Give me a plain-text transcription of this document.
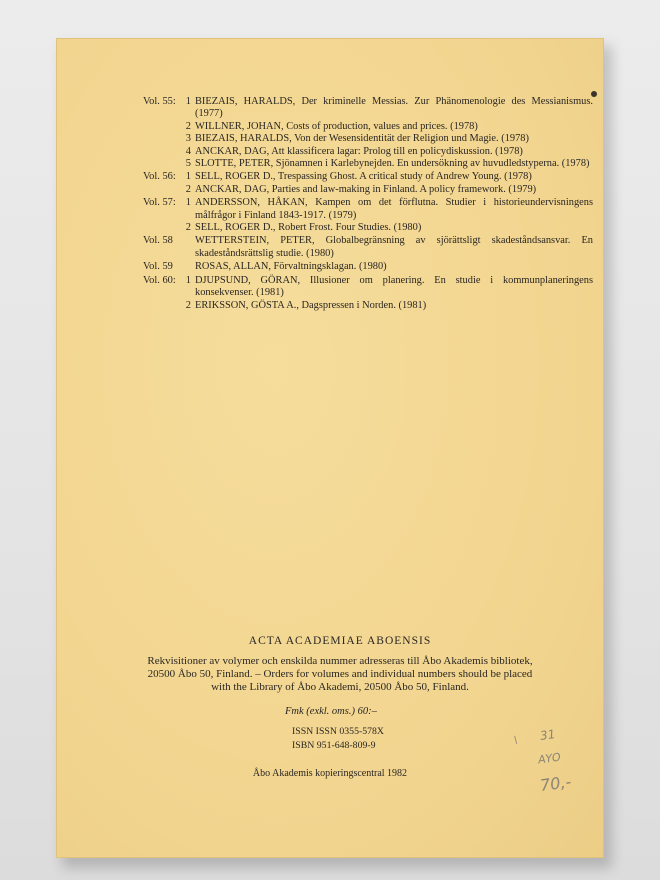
Vol. 55: 1 BIEZAIS, HARALDS, Der kriminelle Messias. Zur Phänomenologie des Messianismus. (1977)
2 WILLNER, JOHAN, Costs of production, values and prices. (1978)
3 BIEZAIS, HARALDS, Von der Wesensidentität der Religion und Magie. (1978)
4 ANCKAR, DAG, Att klassificera lagar: Prolog till en policydiskussion. (1978)
5 SLOTTE, PETER, Sjönamnen i Karlebynejden. En undersökning av huvudledstyperna. (1978)
Vol. 56: 1 SELL, ROGER D., Trespassing Ghost. A critical study of Andrew Young. (1978)
2 ANCKAR, DAG, Parties and law-making in Finland. A policy framework. (1979)
Vol. 57: 1 ANDERSSON, HÅKAN, Kampen om det förflutna. Studier i historieundervisningens målfrågor i Finland 1843-1917. (1979)
2 SELL, ROGER D., Robert Frost. Four Studies. (1980)
Vol. 58 WETTERSTEIN, PETER, Globalbegränsning av sjörättsligt skadeståndsansvar. En skadeståndsrättslig studie. (1980)
Vol. 59 ROSAS, ALLAN, Förvaltningsklagan. (1980)
Vol. 60: 1 DJUPSUND, GÖRAN, Illusioner om planering. En studie i kommunplaneringens konsekvenser. (1981)
2 ERIKSSON, GÖSTA A., Dagspressen i Norden. (1981)
ACTA ACADEMIAE ABOENSIS
Rekvisitioner av volymer och enskilda nummer adresseras till Åbo Akademis bibliotek, 20500 Åbo 50, Finland. – Orders for volumes and individual numbers should be placed with the Library of Åbo Akademi, 20500 Åbo 50, Finland.
Fmk (exkl. oms.) 60:–
ISSN ISSN 0355-578X
ISBN 951-648-809-9
Åbo Akademis kopieringscentral 1982
\ 31
AYO
70,-
